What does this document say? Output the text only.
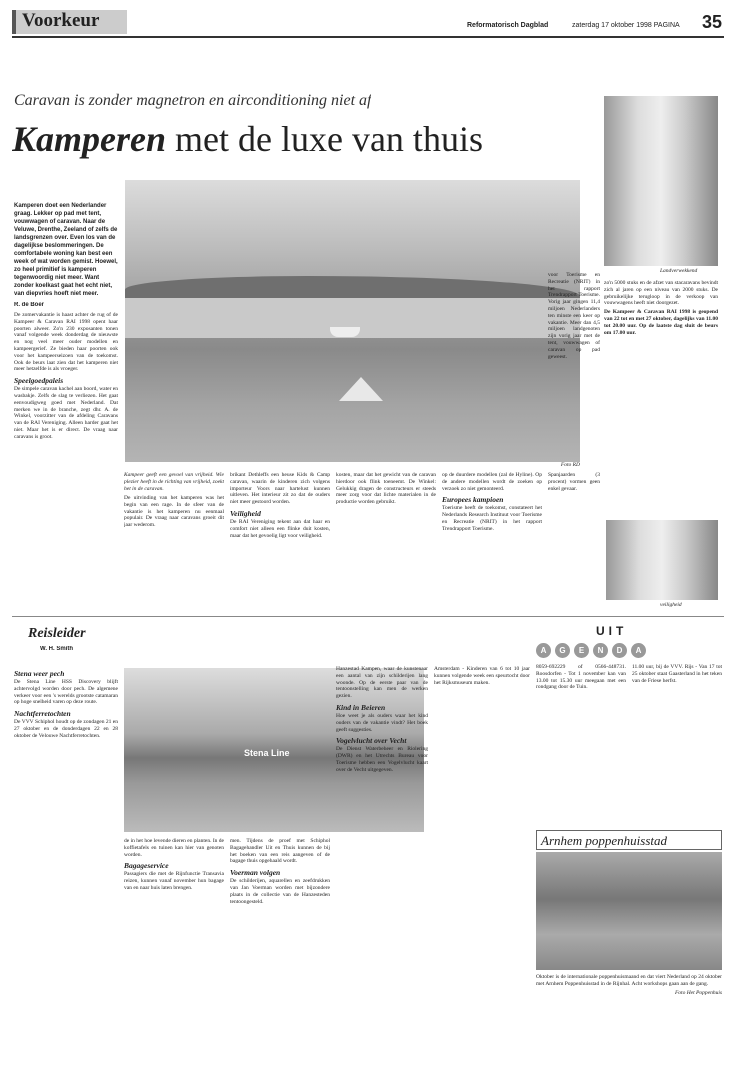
Voorkeur	Reformatorisch Dagblad	zaterdag 17 oktober 1998 PAGINA 35
Caravan is zonder magnetron en airconditioning niet af
Kamperen met de luxe van thuis
Kamperen doet een Nederlander graag. Lekker op pad met tent, vouwwagen of caravan. Naar de Veluwe, Drenthe, Zeeland of zelfs de landsgrenzen over. Even los van de dagelijkse beslommeringen. De comfortabele woning kan best een week of wat worden gemist. Hoewel, zo heel primitief is kamperen tegenwoordig niet meer. Want zonder koelkast gaat het echt niet, van diepvries hoeft niet meer.
Foto RD
Landverwekkend
R. de Boer

De zomervakantie is haast achter de rug of de Kampeer & Caravan RAI 1998 opent haar poorten alweer. Zo'n 230 exposanten tonen vanaf volgende week donderdag de nieuwste en nog veel meer ouder modellen en kampeergerief. Ze bieden haar poorten ook voor het kampeerseizoen van de toekomst. Ook de beurs laat zien dat het kamperen niet meer hetzelfde is als vroeger.

Speelgoedpaleis

De simpele caravan kachel aan boord, water en wasbakje. Zelfs de slag te verliezen. Het gaat eenvoudigweg goed met Nederland. Dat merken we in de branche, zegt dhr. A. de Winkel, voorzitter van de afdeling Caravans van de RAI Vereniging. Alleen harder gaat het niet. Maar het is er direct. De vraag naar caravans is groot.

Kampeer geeft een gevoel van vrijheid. Wie plezier heeft in de richting van vrijheid, zoekt het in de caravan.

De uitvinding van het kamperen was het begin van een rage. In de sfeer van de vakantie is het kamperen nu eenmaal populair. De vraag naar caravans groeit dit jaar wederom.

brikant Dethleffs een heuse Kids & Camp caravan, waarin de kinderen zich volgens importeur Voors naar hartelust kunnen uitleven. Het interieur zit zo dat de ouders niet meer gestoord worden.

Veiligheid

De RAI Vereniging tekent aan dat haar en comfort niet alleen een flinke duit kosten, maar dat het gevoelig ligt voor veiligheid.

kosten, maar dat het gewicht van de caravan hierdoor ook flink toeneemt. De Winkel: Gelukkig dragen de constructeurs er steeds meer zorg voor dat lichte materialen in de productie worden gebruikt.

op de duurdere modellen (zal de Hyline). Op de andere modellen wordt de zoeken op verzoek zo niet gemonteerd.

Europees kampioen

Toerisme heeft de toekomst, constateert het Nederlands Research Instituut voor Toerisme en Recreatie (NRIT) in het rapport Trendrapport Toerisme.

Spanjaarden (3 procent) vormen geen enkel gevaar.

voor Toerisme en Recreatie (NRIT) in het rapport Trendrapport Toerisme. Vorig jaar gingen 11,4 miljoen Nederlanders ten minste een keer op vakantie. Meer dan 4,5 miljoen landgenoten zijn vorig jaar met de tent, vouwwagen of caravan op pad geweest.

zo'n 5000 stuks en de afzet van stacaravans bevindt zich al jaren op een niveau van 2000 stuks. De gebruikelijke terugloop in de verkoop van vouwwagens heeft niet doorgezet.

De Kampeer & Caravan RAI 1998 is geopend van 22 tot en met 27 oktober, dagelijks van 11.00 tot 20.00 uur. Op de laatste dag sluit de beurs om 17.00 uur.

veiligheid
Reisleider
W. H. Smith
Stena Line
Stena weer pech

De Stena Line HSS Discovery blijft achtervolgd worden door pech. De algemene verkeer voor een 's werelds grootste catamaran op hoge snelheid varen op deze route.

Nachtferretochten

De VVV Schiphol houdt op de zondagen 21 en 27 oktober en de donderdagen 22 en 28 oktober de Velouwe Nachtferretochten.

de in het hoe levende dieren en planten. In de koffietafels en tuinen kan hier van genoten worden.

Bagageservice

Passagiers die met de Rijnfunctie Transavia reizen, kunnen vanaf november hun bagage van en naar huis laten brengen.

men. Tijdens de proef met Schiphol Bagagehandler Uit en Thuis kunnen de bij het boeken van een reis aangeven of de bagage thuis opgehaald wordt.

Voerman volgen

De schilderijen, aquarellen en zeefdrukken van Jan Voerman worden met bijzondere plaats in de collectie van de Hanzesteden tentoongesteld.

Hanzestad Kampen, waar de kunstenaar een aantal van zijn schilderijen lang woonde. Op de eerste paar van de tentoonstelling kan men de werken gezien.

Kind in Beieren

Hoe weet je als ouders waar het kind ouders van de vakantie vindt? Het boek geeft suggesties.

Vogelvlucht over Vecht

De Dienst Waterbeheer en Riolering (DWR) en het Utrechts Bureau voor Toerisme hebben een Vogelvlucht kaart over de Vecht uitgegeven.

Amsterdam - Kinderen van 6 tot 10 jaar kunnen volgende week een speurtocht door het Rijksmuseum maken.

UIT
A G E N D A

8059-692229 of 0566-448731. Roosdorfen - Tot 1 november kan van 13.00 tot 15.30 uur meegaan met een rondgang door de Tuin.

11.00 uur, bij de VVV. Rijs - Van 17 tot 25 oktober staat Gaasterland in het teken van de Friese herfst.

Arnhem poppenhuisstad

Oktober is de internationale poppenhuismaand en dat viert Nederland op 24 oktober met Arnhem Poppenhuisstad in de Rijnhal. Acht workshops gaan aan de gang.

Foto Het Poppenhuis
